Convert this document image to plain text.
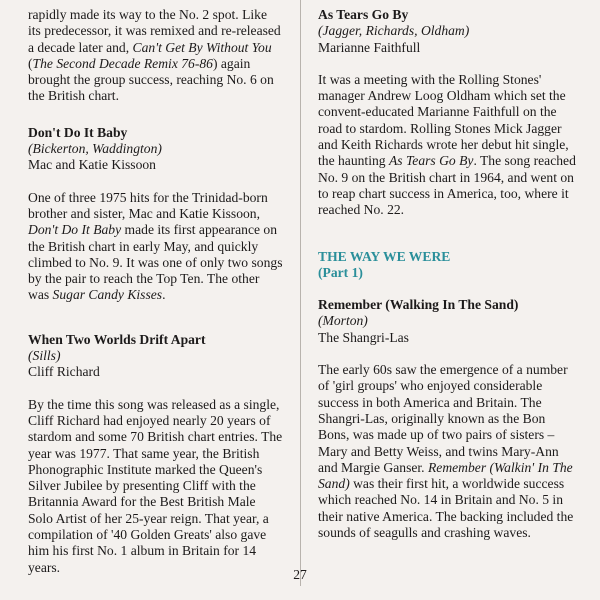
rapidly made its way to the No. 2 spot. Like its predecessor, it was remixed and re-released a decade later and, Can't Get By Without You (The Second Decade Remix 76-86) again brought the group success, reaching No. 6 on the British chart.

Don't Do It Baby

(Bickerton, Waddington)

Mac and Katie Kissoon

One of three 1975 hits for the Trinidad-born brother and sister, Mac and Katie Kissoon, Don't Do It Baby made its first appearance on the British chart in early May, and quickly climbed to No. 9. It was one of only two songs by the pair to reach the Top Ten. The other was Sugar Candy Kisses.

When Two Worlds Drift Apart

(Sills)

Cliff Richard

By the time this song was released as a single, Cliff Richard had enjoyed nearly 20 years of stardom and some 70 British chart entries. The year was 1977. That same year, the British Phonographic Institute marked the Queen's Silver Jubilee by presenting Cliff with the Britannia Award for the Best British Male Solo Artist of her 25-year reign. That year, a compilation of '40 Golden Greats' also gave him his first No. 1 album in Britain for 14 years.

As Tears Go By

(Jagger, Richards, Oldham)

Marianne Faithfull

It was a meeting with the Rolling Stones' manager Andrew Loog Oldham which set the convent-educated Marianne Faithfull on the road to stardom. Rolling Stones Mick Jagger and Keith Richards wrote her debut hit single, the haunting As Tears Go By. The song reached No. 9 on the British chart in 1964, and went on to reap chart success in America, too, where it reached No. 22.

THE WAY WE WERE

(Part 1)

Remember (Walking In The Sand)

(Morton)

The Shangri-Las

The early 60s saw the emergence of a number of 'girl groups' who enjoyed considerable success in both America and Britain. The Shangri-Las, originally known as the Bon Bons, was made up of two pairs of sisters – Mary and Betty Weiss, and twins Mary-Ann and Margie Ganser. Remember (Walkin' In The Sand) was their first hit, a worldwide success which reached No. 14 in Britain and No. 5 in their native America. The backing included the sounds of seagulls and crashing waves.

27
